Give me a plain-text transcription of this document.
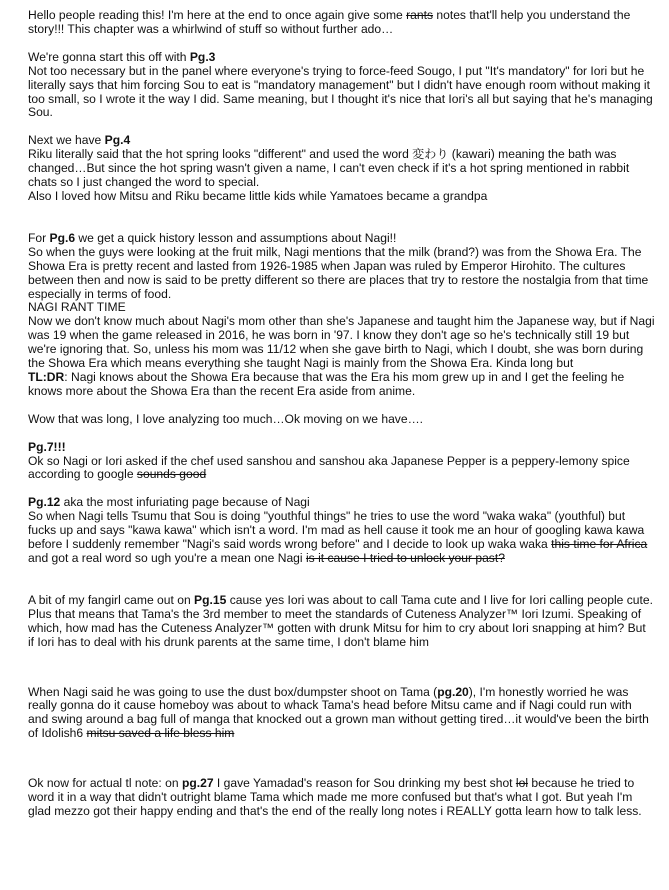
Hello people reading this! I'm here at the end to once again give some rants notes that'll help you understand the story!!! This chapter was a whirlwind of stuff so without further ado…

We're gonna start this off with Pg.3

Not too necessary but in the panel where everyone's trying to force-feed Sougo, I put "It's mandatory" for Iori but he literally says that him forcing Sou to eat is "mandatory management" but I didn't have enough room without making it too small, so I wrote it the way I did. Same meaning, but I thought it's nice that Iori's all but saying that he's managing Sou.

Next we have Pg.4

Riku literally said that the hot spring looks "different" and used the word 変わり (kawari) meaning the bath was changed…But since the hot spring wasn't given a name, I can't even check if it's a hot spring mentioned in rabbit chats so I just changed the word to special.

Also I loved how Mitsu and Riku became little kids while Yamatoes became a grandpa

For Pg.6 we get a quick history lesson and assumptions about Nagi!!

So when the guys were looking at the fruit milk, Nagi mentions that the milk (brand?) was from the Showa Era. The Showa Era is pretty recent and lasted from 1926-1985 when Japan was ruled by Emperor Hirohito. The cultures between then and now is said to be pretty different so there are places that try to restore the nostalgia from that time especially in terms of food.

NAGI RANT TIME

Now we don't know much about Nagi's mom other than she's Japanese and taught him the Japanese way, but if Nagi was 19 when the game released in 2016, he was born in '97. I know they don't age so he's technically still 19 but we're ignoring that. So, unless his mom was 11/12 when she gave birth to Nagi, which I doubt, she was born during the Showa Era which means everything she taught Nagi is mainly from the Showa Era. Kinda long but

TL:DR: Nagi knows about the Showa Era because that was the Era his mom grew up in and I get the feeling he knows more about the Showa Era than the recent Era aside from anime.

Wow that was long, I love analyzing too much…Ok moving on we have….

Pg.7!!!

Ok so Nagi or Iori asked if the chef used sanshou and sanshou aka Japanese Pepper is a peppery-lemony spice according to google sounds good

Pg.12 aka the most infuriating page because of Nagi

So when Nagi tells Tsumu that Sou is doing "youthful things" he tries to use the word "waka waka" (youthful) but fucks up and says "kawa kawa" which isn't a word. I'm mad as hell cause it took me an hour of googling kawa kawa before I suddenly remember "Nagi's said words wrong before" and I decide to look up waka waka this time for Africa and got a real word so ugh you're a mean one Nagi is it cause I tried to unlock your past?

A bit of my fangirl came out on Pg.15 cause yes Iori was about to call Tama cute and I live for Iori calling people cute. Plus that means that Tama's the 3rd member to meet the standards of Cuteness Analyzer™ Iori Izumi. Speaking of which, how mad has the Cuteness Analyzer™ gotten with drunk Mitsu for him to cry about Iori snapping at him? But if Iori has to deal with his drunk parents at the same time, I don't blame him

When Nagi said he was going to use the dust box/dumpster shoot on Tama (pg.20), I'm honestly worried he was really gonna do it cause homeboy was about to whack Tama's head before Mitsu came and if Nagi could run with and swing around a bag full of manga that knocked out a grown man without getting tired…it would've been the birth of Idolish6 mitsu saved a life bless him

Ok now for actual tl note: on pg.27 I gave Yamadad's reason for Sou drinking my best shot lol because he tried to word it in a way that didn't outright blame Tama which made me more confused but that's what I got. But yeah I'm glad mezzo got their happy ending and that's the end of the really long notes i REALLY gotta learn how to talk less.
